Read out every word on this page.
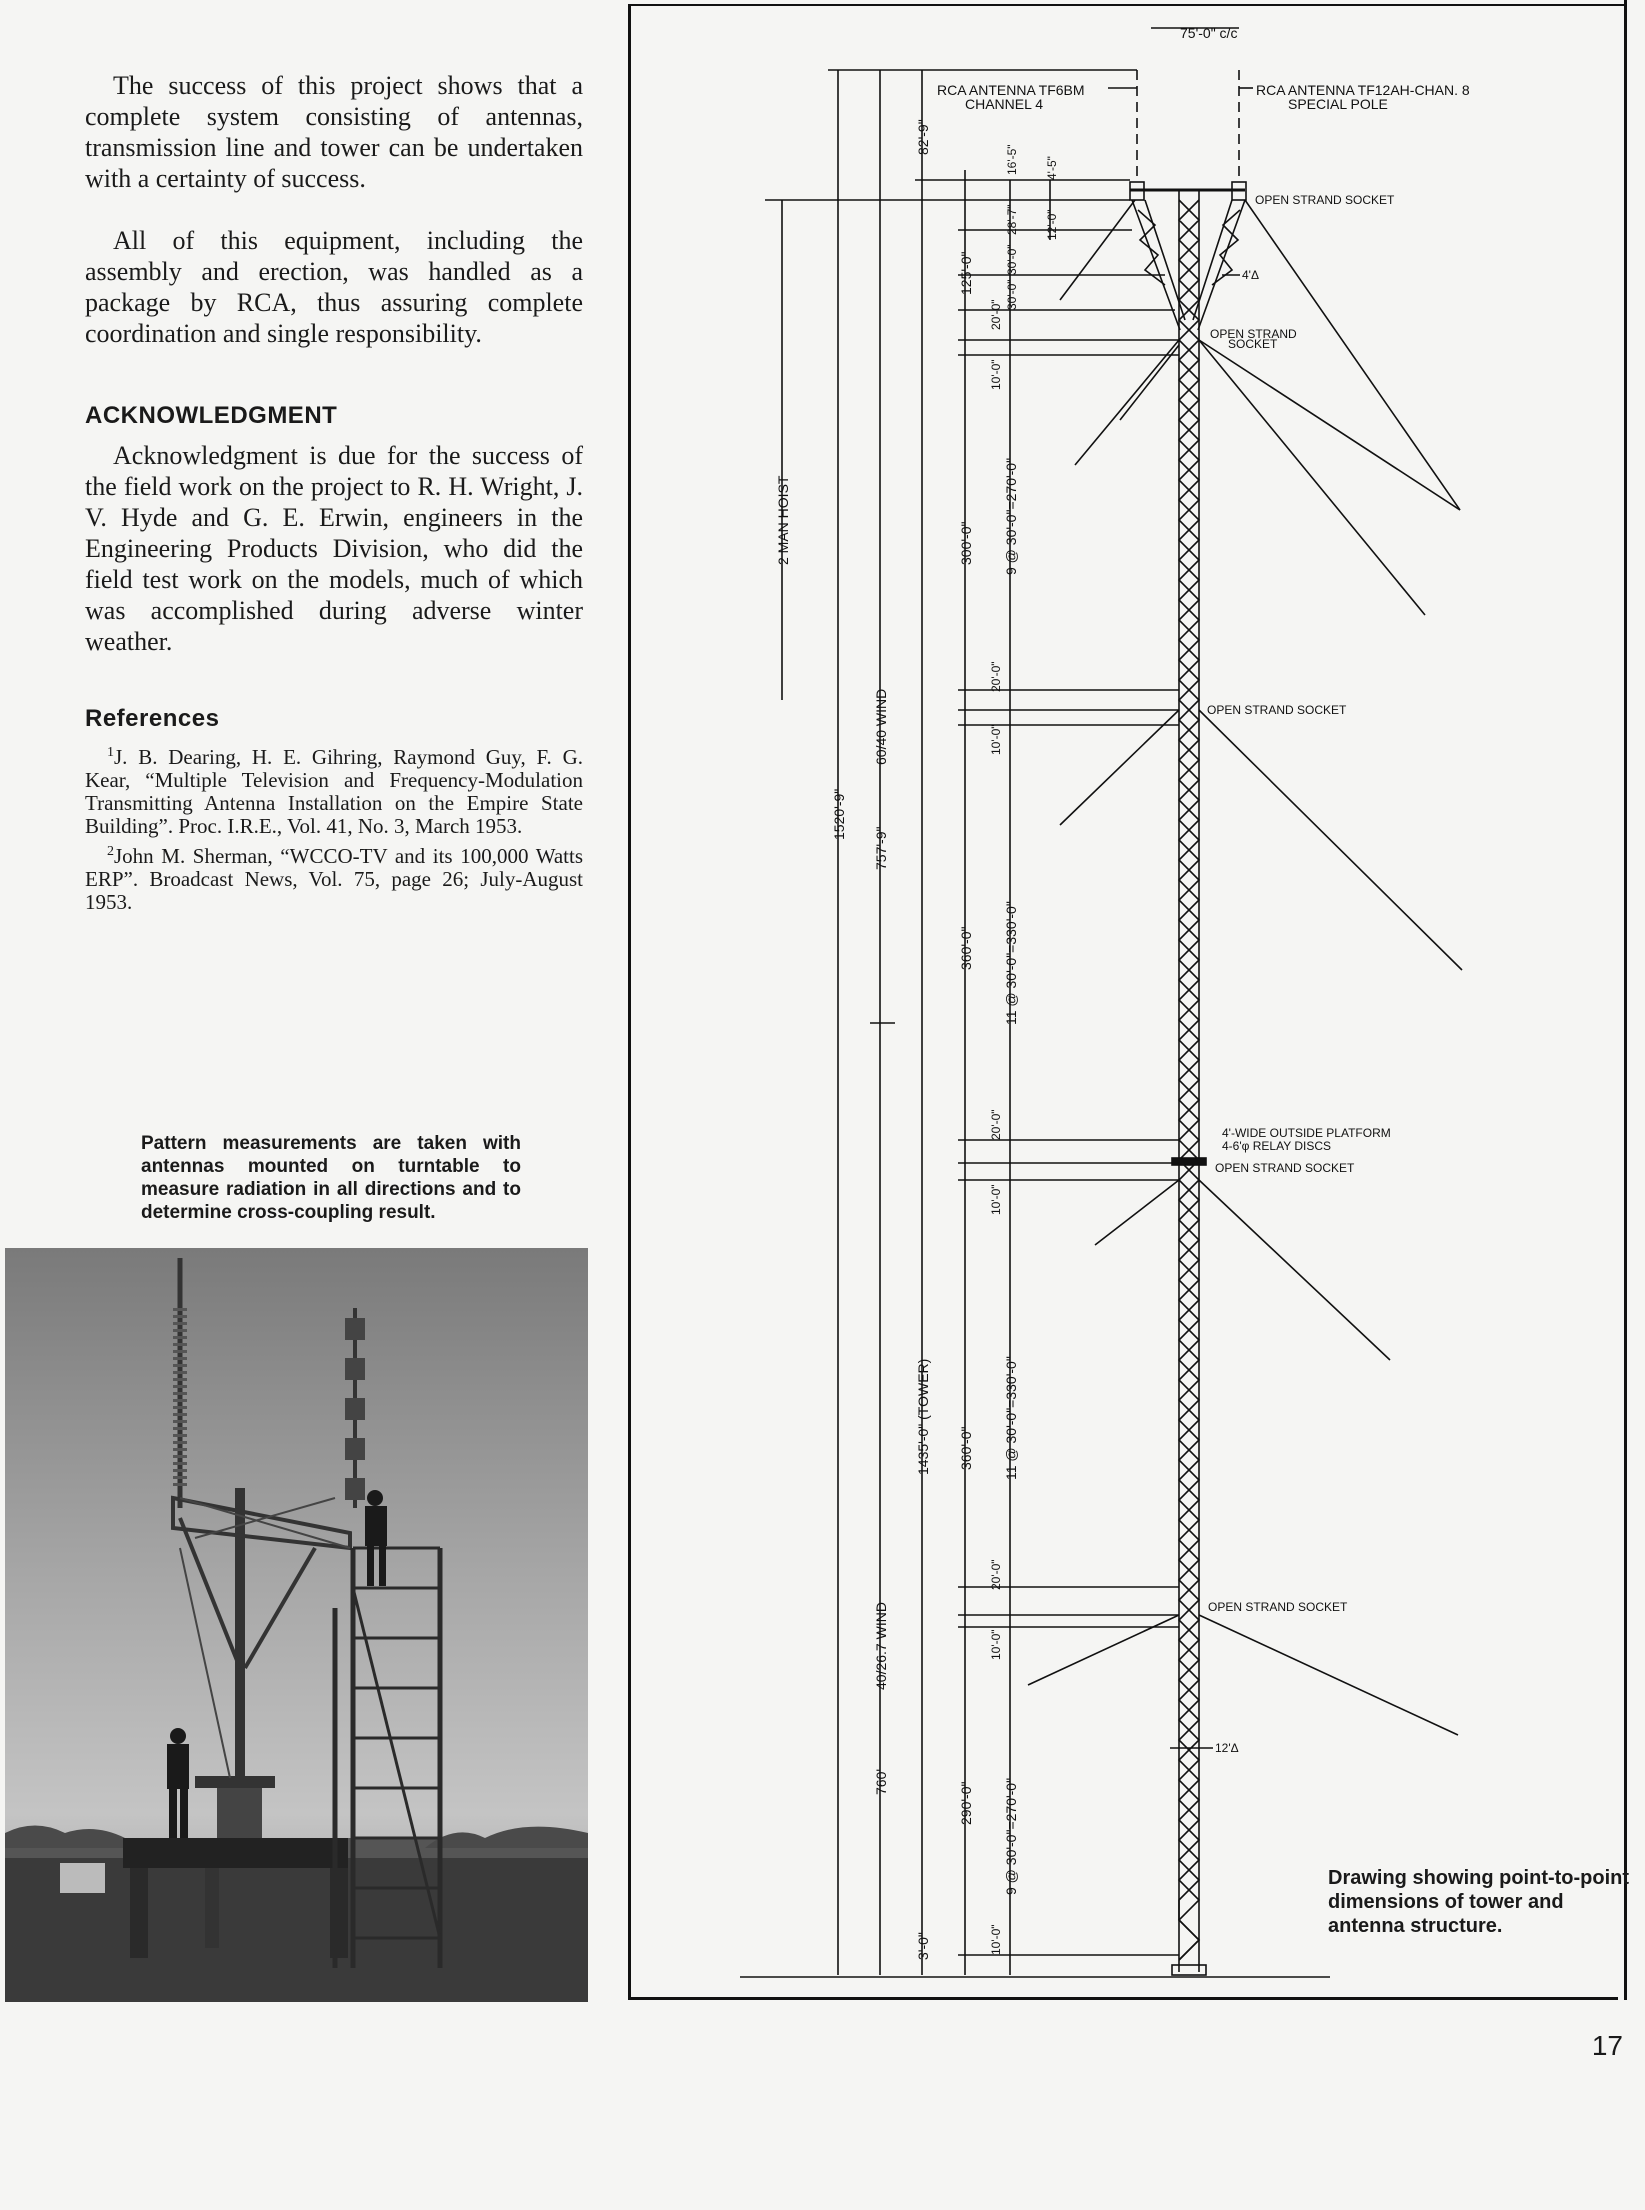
The success of this project shows that a complete system consisting of antennas, transmission line and tower can be undertaken with a certainty of success.

All of this equipment, including the assembly and erection, was handled as a package by RCA, thus assuring complete coordination and single responsibility.

ACKNOWLEDGMENT

Acknowledgment is due for the success of the field work on the project to R. H. Wright, J. V. Hyde and G. E. Erwin, engineers in the Engineering Products Division, who did the field test work on the models, much of which was accomplished during adverse winter weather.

References

$^1$J. B. Dearing, H. E. Gihring, Raymond Guy, F. G. Kear, “Multiple Television and Frequency-Modulation Transmitting Antenna Installation on the Empire State Building”. Proc. I.R.E., Vol. 41, No. 3, March 1953.

$^2$John M. Sherman, “WCCO-TV and its 100,000 Watts ERP”. Broadcast News, Vol. 75, page 26; July-August 1953.

Pattern measurements are taken with antennas mounted on turntable to measure radiation in all directions and to determine cross-coupling result.
75'-0" c/c
RCA ANTENNA TF6BM
CHANNEL 4
RCA ANTENNA TF12AH-CHAN. 8
SPECIAL POLE
OPEN STRAND SOCKET
4'Δ
OPEN STRAND
SOCKET
OPEN STRAND SOCKET
4'-WIDE OUTSIDE PLATFORM
4-6'φ RELAY DISCS
OPEN STRAND SOCKET
OPEN STRAND SOCKET
12'Δ
2 MAN HOIST
1520'-9"
757'-9"
60/40 WIND
760'
40/26.7 WIND
1435'-0" (TOWER)
82'-9"
3'-0"
125'-0"
300'-0"
360'-0"
360'-0"
290'-0"
16'-5"
28'-7"
30'-0"
30'-0"
20'-0"
10'-0"
20'-0"
10'-0"
20'-0"
10'-0"
20'-0"
10'-0"
10'-0"
4'-5"
12'-0"
9 @ 30'-0"=270'-0"
11 @ 30'-0"=330'-0"
11 @ 30'-0"=330'-0"
9 @ 30'-0"=270'-0"	Drawing showing point-to-point dimensions of tower and antenna structure.
17
